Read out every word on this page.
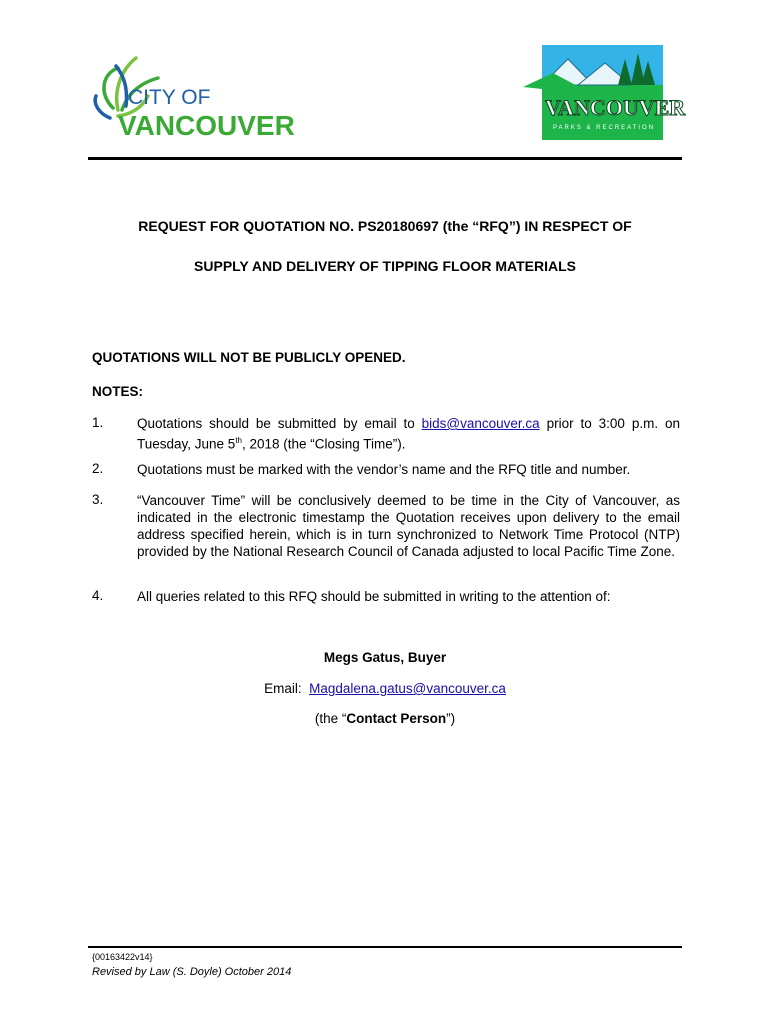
CITY OF
VANCOUVER
VANCOUVER
PARKS & RECREATION
REQUEST FOR QUOTATION NO. PS20180697 (the “RFQ”) IN RESPECT OF
SUPPLY AND DELIVERY OF TIPPING FLOOR MATERIALS
QUOTATIONS WILL NOT BE PUBLICLY OPENED.
NOTES:
1. Quotations should be submitted by email to bids@vancouver.ca prior to 3:00 p.m. on Tuesday, June 5th, 2018 (the “Closing Time”).
2. Quotations must be marked with the vendor’s name and the RFQ title and number.
3. “Vancouver Time” will be conclusively deemed to be time in the City of Vancouver, as indicated in the electronic timestamp the Quotation receives upon delivery to the email address specified herein, which is in turn synchronized to Network Time Protocol (NTP) provided by the National Research Council of Canada adjusted to local Pacific Time Zone.
4. All queries related to this RFQ should be submitted in writing to the attention of:
Megs Gatus, Buyer
Email: Magdalena.gatus@vancouver.ca
(the “Contact Person”)
{00163422v14}
Revised by Law (S. Doyle) October 2014
